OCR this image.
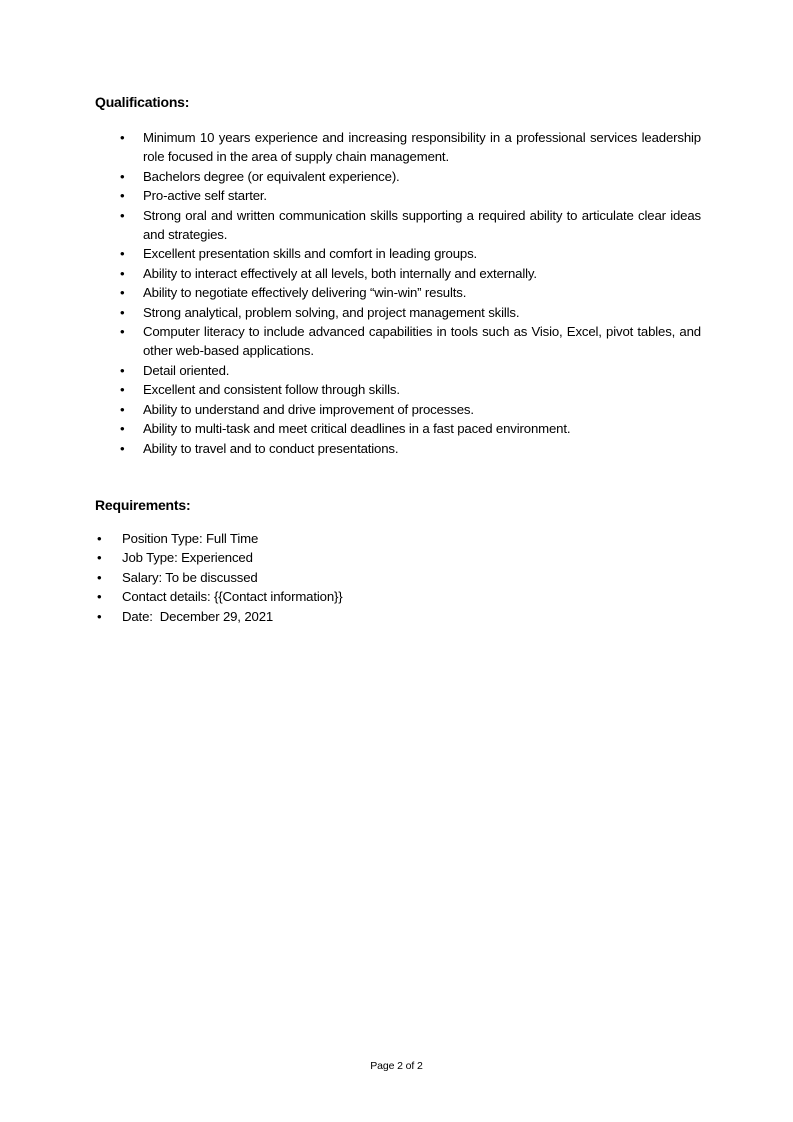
Qualifications:
• Minimum 10 years experience and increasing responsibility in a professional services leadership role focused in the area of supply chain management.
• Bachelors degree (or equivalent experience).
• Pro-active self starter.
• Strong oral and written communication skills supporting a required ability to articulate clear ideas and strategies.
• Excellent presentation skills and comfort in leading groups.
• Ability to interact effectively at all levels, both internally and externally.
• Ability to negotiate effectively delivering “win-win” results.
• Strong analytical, problem solving, and project management skills.
• Computer literacy to include advanced capabilities in tools such as Visio, Excel, pivot tables, and other web-based applications.
• Detail oriented.
• Excellent and consistent follow through skills.
• Ability to understand and drive improvement of processes.
• Ability to multi-task and meet critical deadlines in a fast paced environment.
• Ability to travel and to conduct presentations.
Requirements:
• Position Type: Full Time
• Job Type: Experienced
• Salary: To be discussed
• Contact details: {{Contact information}}
• Date:  December 29, 2021
Page 2 of 2
